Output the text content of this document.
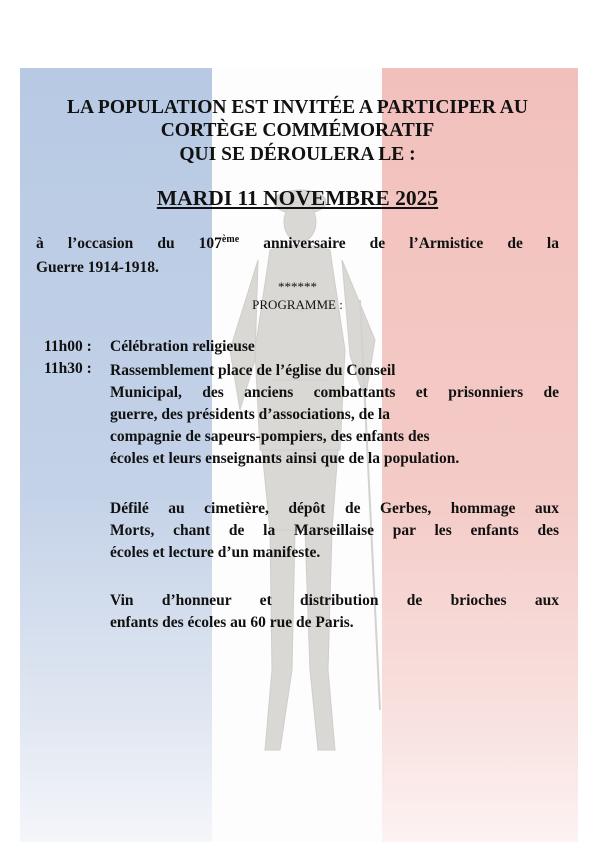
LA POPULATION EST INVITÉE A PARTICIPER AU

CORTÈGE COMMÉMORATIF

QUI SE DÉROULERA LE :

MARDI 11 NOVEMBRE 2025

à l’occasion du 107ème anniversaire de l’Armistice de la

Guerre 1914-1918.

******

PROGRAMME :

11h00 : Célébration religieuse
11h30 : Rassemblement place de l’église du Conseil
Municipal, des anciens combattants et prisonniers de
guerre, des présidents d’associations, de la
compagnie de sapeurs-pompiers, des enfants des
écoles et leurs enseignants ainsi que de la population.
Défilé au cimetière, dépôt de Gerbes, hommage aux
Morts, chant de la Marseillaise par les enfants des
écoles et lecture d’un manifeste.
Vin d’honneur et distribution de brioches aux
enfants des écoles au 60 rue de Paris.
